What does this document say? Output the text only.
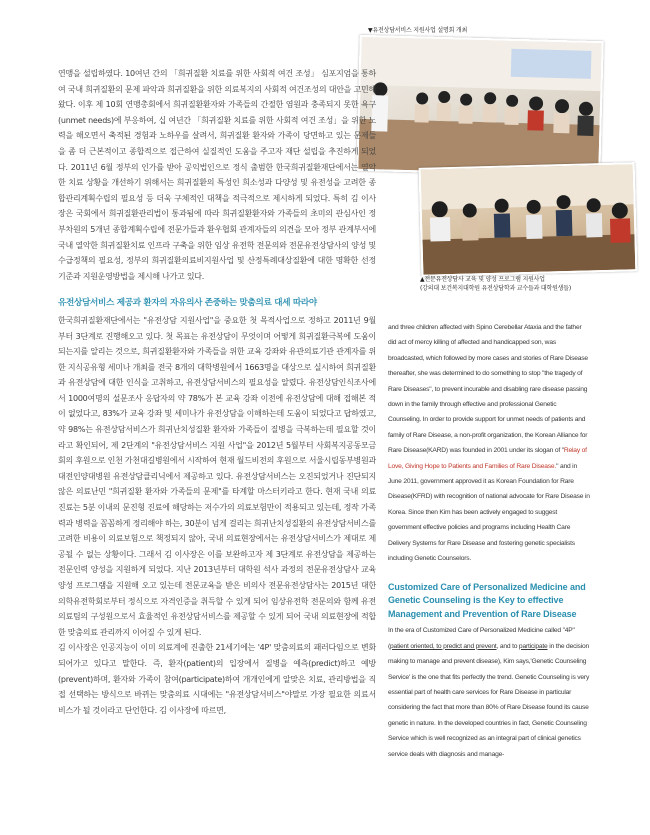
▼유전상담서비스 지원사업 설명회 개최
▲전문유전상담사 교육 및 양성 프로그램 지원사업
(강의대 보건복지대학원 유전상담학과 교수들과 대학원생들)

연맹을 설립하였다. 10여년 간의 「희귀질환 치료를 위한 사회적 여건 조성」 심포지엄을 통하여 국내 희귀질환의 문제 파악과 희귀질환을 위한 의료복지의 사회적 여건조성의 대안을 고민해왔다. 이후 제 10회 연맹총회에서 희귀질환환자와 가족들의 간절한 염원과 충족되지 못한 욕구(unmet needs)에 부응하여, 십 여년간 「희귀질환 치료를 위한 사회적 여건 조성」을 위한 노력을 해오면서 축적된 경험과 노하우를 살려서, 희귀질환 환자와 가족이 당면하고 있는 문제들을 좀 더 근본적이고 종합적으로 접근하여 실질적인 도움을 주고자 재단 설립을 추진하게 되었다. 2011년 6월 정부의 인가를 받아 공익법인으로 정식 출범한 한국희귀질환재단에서는 열악한 치료 상황을 개선하기 위해서는 희귀질환의 특성인 희소성과 다양성 및 유전성을 고려한 종합관리계획수립의 필요성 등 더욱 구체적인 대책을 적극적으로 제시하게 되었다. 특히 김 이사장은 국회에서 희귀질환관리법이 통과됨에 따라 희귀질환환자와 가족들의 초미의 관심사인 정부차원의 5개년 종합계획수립에 전문가들과 환우협회 관계자들의 의견을 모아 정부 관계부서에 국내 열악한 희귀질환치료 인프라 구축을 위한 임상 유전학 전문의와 전문유전상담사의 양성 및 수급정책의 필요성, 정부의 희귀질환의료비지원사업 및 산정특례대상질환에 대한 명확한 선정기준과 지원운영방법을 제시해 나가고 있다.

유전상담서비스 제공과 환자의 자유의사 존중하는 맞춤의료 대세 따라야

한국희귀질환재단에서는 "유전상담 지원사업"을 중요한 첫 목적사업으로 정하고 2011년 9월부터 3단계로 진행해오고 있다. 첫 목표는 유전상담이 무엇이며 어떻게 희귀질환극복에 도움이 되는지를 알리는 것으로, 희귀질환환자와 가족들을 위한 교육 강좌와 유관의료기관 관계자를 위한 지식공유형 세미나 개최를 전국 8개의 대학병원에서 1663명을 대상으로 실시하여 희귀질환과 유전상담에 대한 인식을 고취하고, 유전상담서비스의 필요성을 알렸다. 유전상담인식조사에서 1000여명의 설문조사 응답자의 약 78%가 본 교육 강좌 이전에 유전상담에 대해 접해본 적이 없었다고, 83%가 교육 강좌 및 세미나가 유전상담을 이해하는데 도움이 되었다고 답하였고, 약 98%는 유전상담서비스가 희귀난치성질환 환자와 가족들이 질병을 극복하는데 필요할 것이라고 확인되어, 제 2단계의 "유전상담서비스 지원 사업"을 2012년 5월부터 사회복지공동모금회의 후원으로 인천 가천대길병원에서 시작하여 현재 월드비전의 후원으로 서울시립동부병원과 대전인양대병원 유전상담클리닉에서 제공하고 있다. 유전상담서비스는 오진되었거나 진단되지 않은 의료난민 "희귀질환 환자와 가족들의 문제"를 타계할 마스터키라고 한다. 현재 국내 의료진료는 5분 이내의 문진형 진료에 해당하는 저수가의 의료보험만이 적용되고 있는데, 정작 가족력과 병력을 꼼꼼하게 정리해야 하는, 30분이 넘게 걸리는 희귀난치성질환의 유전상담서비스를 고려한 비용이 의료보험으로 책정되지 않아, 국내 의료현장에서는 유전상담서비스가 제대로 제공될 수 없는 상황이다. 그래서 김 이사장은 이를 보완하고자 제 3단계로 유전상담을 제공하는 전문인력 양성을 지원하게 되었다. 지난 2013년부터 대학원 석사 과정의 전문유전상담사 교육 양성 프로그램을 지원해 오고 있는데 전문교육을 받은 비의사 전문유전상담사는 2015년 대한의학유전학회로부터 정식으로 자격인증을 취득할 수 있게 되어 임상유전학 전문의와 함께 유전의료팀의 구성원으로서 효율적인 유전상담서비스를 제공할 수 있게 되어 국내 의료현장에 적합한 맞춤의료 관리까지 이어질 수 있게 된다.

김 이사장은 인공지능이 이미 의료계에 진출한 21세기에는 '4P' 맞춤의료의 패러다임으로 변화되어가고 있다고 말한다. 즉, 환자(patient)의 입장에서 질병을 예측(predict)하고 예방(prevent)하며, 환자와 가족이 참여(participate)하여 개개인에게 알맞은 치료, 관리방법을 직접 선택하는 방식으로 바뀌는 맞춤의료 시대에는 "유전상담서비스"야말로 가장 필요한 의료서비스가 될 것이라고 단언한다. 김 이사장에 따르면,

and three children affected with Spino Cerebellar Ataxia and the father did act of mercy killing of affected and handicapped son, was broadcasted, which followed by more cases and stories of Rare Disease thereafter, she was determined to do something to stop "the tragedy of Rare Diseases", to prevent incurable and disabling rare disease passing down in the family through effective and professional Genetic Counseling. In order to provide support for unmet needs of patients and family of Rare Disease, a non-profit organization, the Korean Alliance for Rare Disease(KARD) was founded in 2001 under its slogan of "Relay of Love, Giving Hope to Patients and Families of Rare Disease." and in June 2011, government approved it as Korean Foundation for Rare Disease(KFRD) with recognition of national advocate for Rare Disease in Korea. Since then Kim has been actively engaged to suggest government effective policies and programs including Health Care Delivery Systems for Rare Disease and fostering genetic specialists including Genetic Counselors.

Customized Care of Personalized Medicine and Genetic Counseling is the Key to effective Management and Prevention of Rare Disease

In the era of Customized Care of Personalized Medicine called "4P" (patient oriented, to predict and prevent, and to participate in the decision making to manage and prevent disease), Kim says,'Genetic Counseling Service' is the one that fits perfectly the trend. Genetic Counseling is very essential part of health care services for Rare Disease in particular considering the fact that more than 80% of Rare Disease found its cause genetic in nature. In the developed countries in fact, Genetic Counseling Service which is well recognized as an integral part of clinical genetics service deals with diagnosis and manage-
